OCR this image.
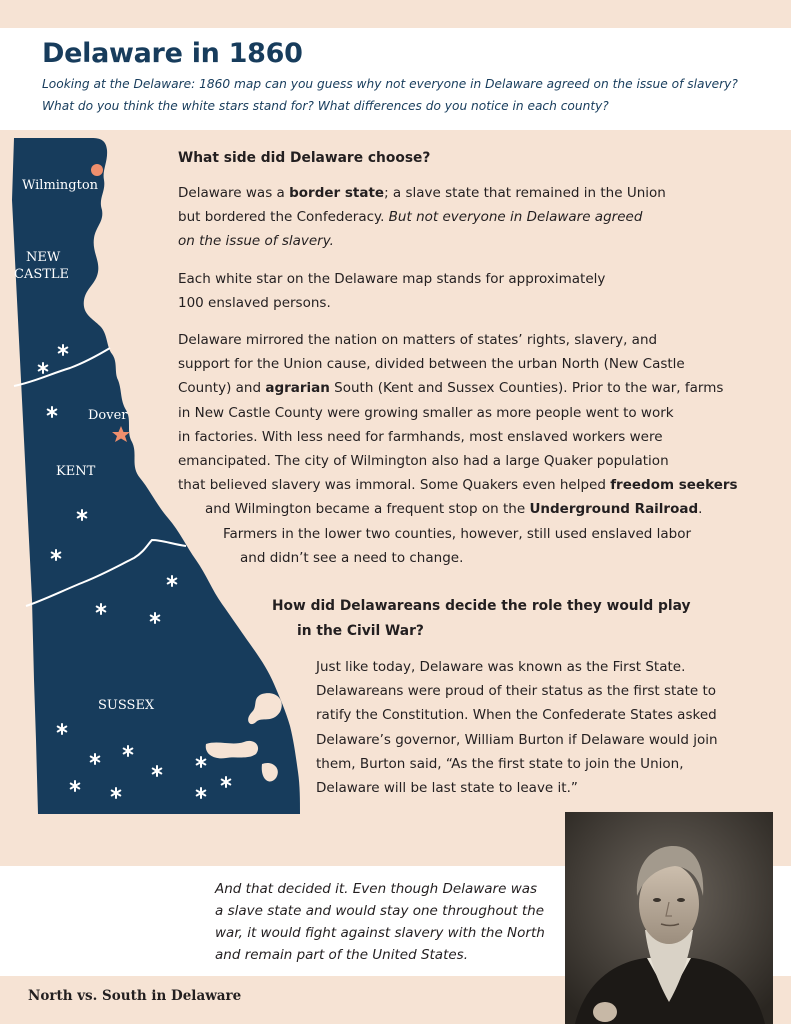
Delaware in 1860
Looking at the Delaware: 1860 map can you guess why not everyone in Delaware agreed on the issue of slavery?
What do you think the white stars stand for? What differences do you notice in each county?
Wilmington
NEW
CASTLE
Dover
KENT
SUSSEX
What side did Delaware choose?
Delaware was a border state; a slave state that remained in the Union
but bordered the Confederacy. But not everyone in Delaware agreed
on the issue of slavery.
Each white star on the Delaware map stands for approximately
100 enslaved persons.
Delaware mirrored the nation on matters of states’ rights, slavery, and
support for the Union cause, divided between the urban North (New Castle
County) and agrarian South (Kent and Sussex Counties). Prior to the war, farms
in New Castle County were growing smaller as more people went to work
in factories. With less need for farmhands, most enslaved workers were
emancipated. The city of Wilmington also had a large Quaker population
that believed slavery was immoral. Some Quakers even helped freedom seekers
and Wilmington became a frequent stop on the Underground Railroad.
Farmers in the lower two counties, however, still used enslaved labor
and didn’t see a need to change.
How did Delawareans decide the role they would play
in the Civil War?
Just like today, Delaware was known as the First State.
Delawareans were proud of their status as the first state to
ratify the Constitution. When the Confederate States asked
Delaware’s governor, William Burton if Delaware would join
them, Burton said, “As the first state to join the Union,
Delaware will be last state to leave it.”
And that decided it. Even though Delaware was
a slave state and would stay one throughout the
war, it would fight against slavery with the North
and remain part of the United States.
North vs. South in Delaware
